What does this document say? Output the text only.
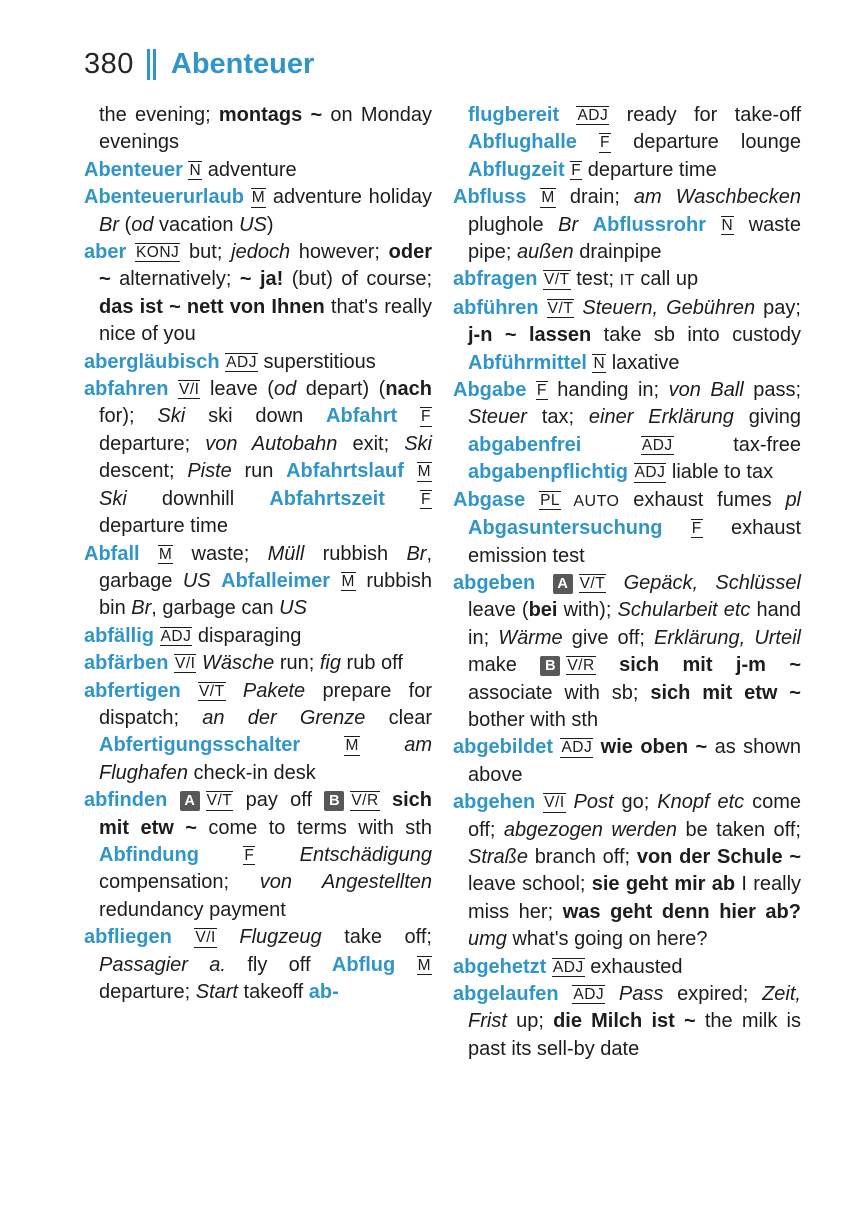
380 Abenteuer
the evening; montags ~ on Monday evenings
Abenteuer N adventure
Abenteuerurlaub M adventure holiday Br (od vacation US)
aber KONJ but; jedoch however; oder ~ alternatively; ~ ja! (but) of course; das ist ~ nett von Ihnen that's really nice of you
abergläubisch ADJ superstitious
abfahren V/I leave (od depart) (nach for); Ski ski down Abfahrt F departure; von Autobahn exit; Ski descent; Piste run Abfahrtslauf M Ski downhill Abfahrtszeit F departure time
Abfall M waste; Müll rubbish Br, garbage US Abfalleimer M rubbish bin Br, garbage can US
abfällig ADJ disparaging
abfärben V/I Wäsche run; fig rub off
abfertigen V/T Pakete prepare for dispatch; an der Grenze clear Abfertigungsschalter M am Flughafen check-in desk
abfinden A V/T pay off B V/R sich mit etw ~ come to terms with sth Abfindung F Entschädigung compensation; von Angestellten redundancy payment
abfliegen V/I Flugzeug take off; Passagier a. fly off Abflug M departure; Start takeoff ab-
flugbereit ADJ ready for take-off Abflughalle F departure lounge Abflugzeit F departure time
Abfluss M drain; am Waschbecken plughole Br Abflussrohr N waste pipe; außen drainpipe
abfragen V/T test; IT call up
abführen V/T Steuern, Gebühren pay; j-n ~ lassen take sb into custody Abführmittel N laxative
Abgabe F handing in; von Ball pass; Steuer tax; einer Erklärung giving abgabenfrei ADJ tax-free abgabenpflichtig ADJ liable to tax
Abgase PL AUTO exhaust fumes pl Abgasuntersuchung F exhaust emission test
abgeben A V/T Gepäck, Schlüssel leave (bei with); Schularbeit etc hand in; Wärme give off; Erklärung, Urteil make B V/R sich mit j-m ~ associate with sb; sich mit etw ~ bother with sth
abgebildet ADJ wie oben ~ as shown above
abgehen V/I Post go; Knopf etc come off; abgezogen werden be taken off; Straße branch off; von der Schule ~ leave school; sie geht mir ab I really miss her; was geht denn hier ab? umg what's going on here?
abgehetzt ADJ exhausted
abgelaufen ADJ Pass expired; Zeit, Frist up; die Milch ist ~ the milk is past its sell-by date
